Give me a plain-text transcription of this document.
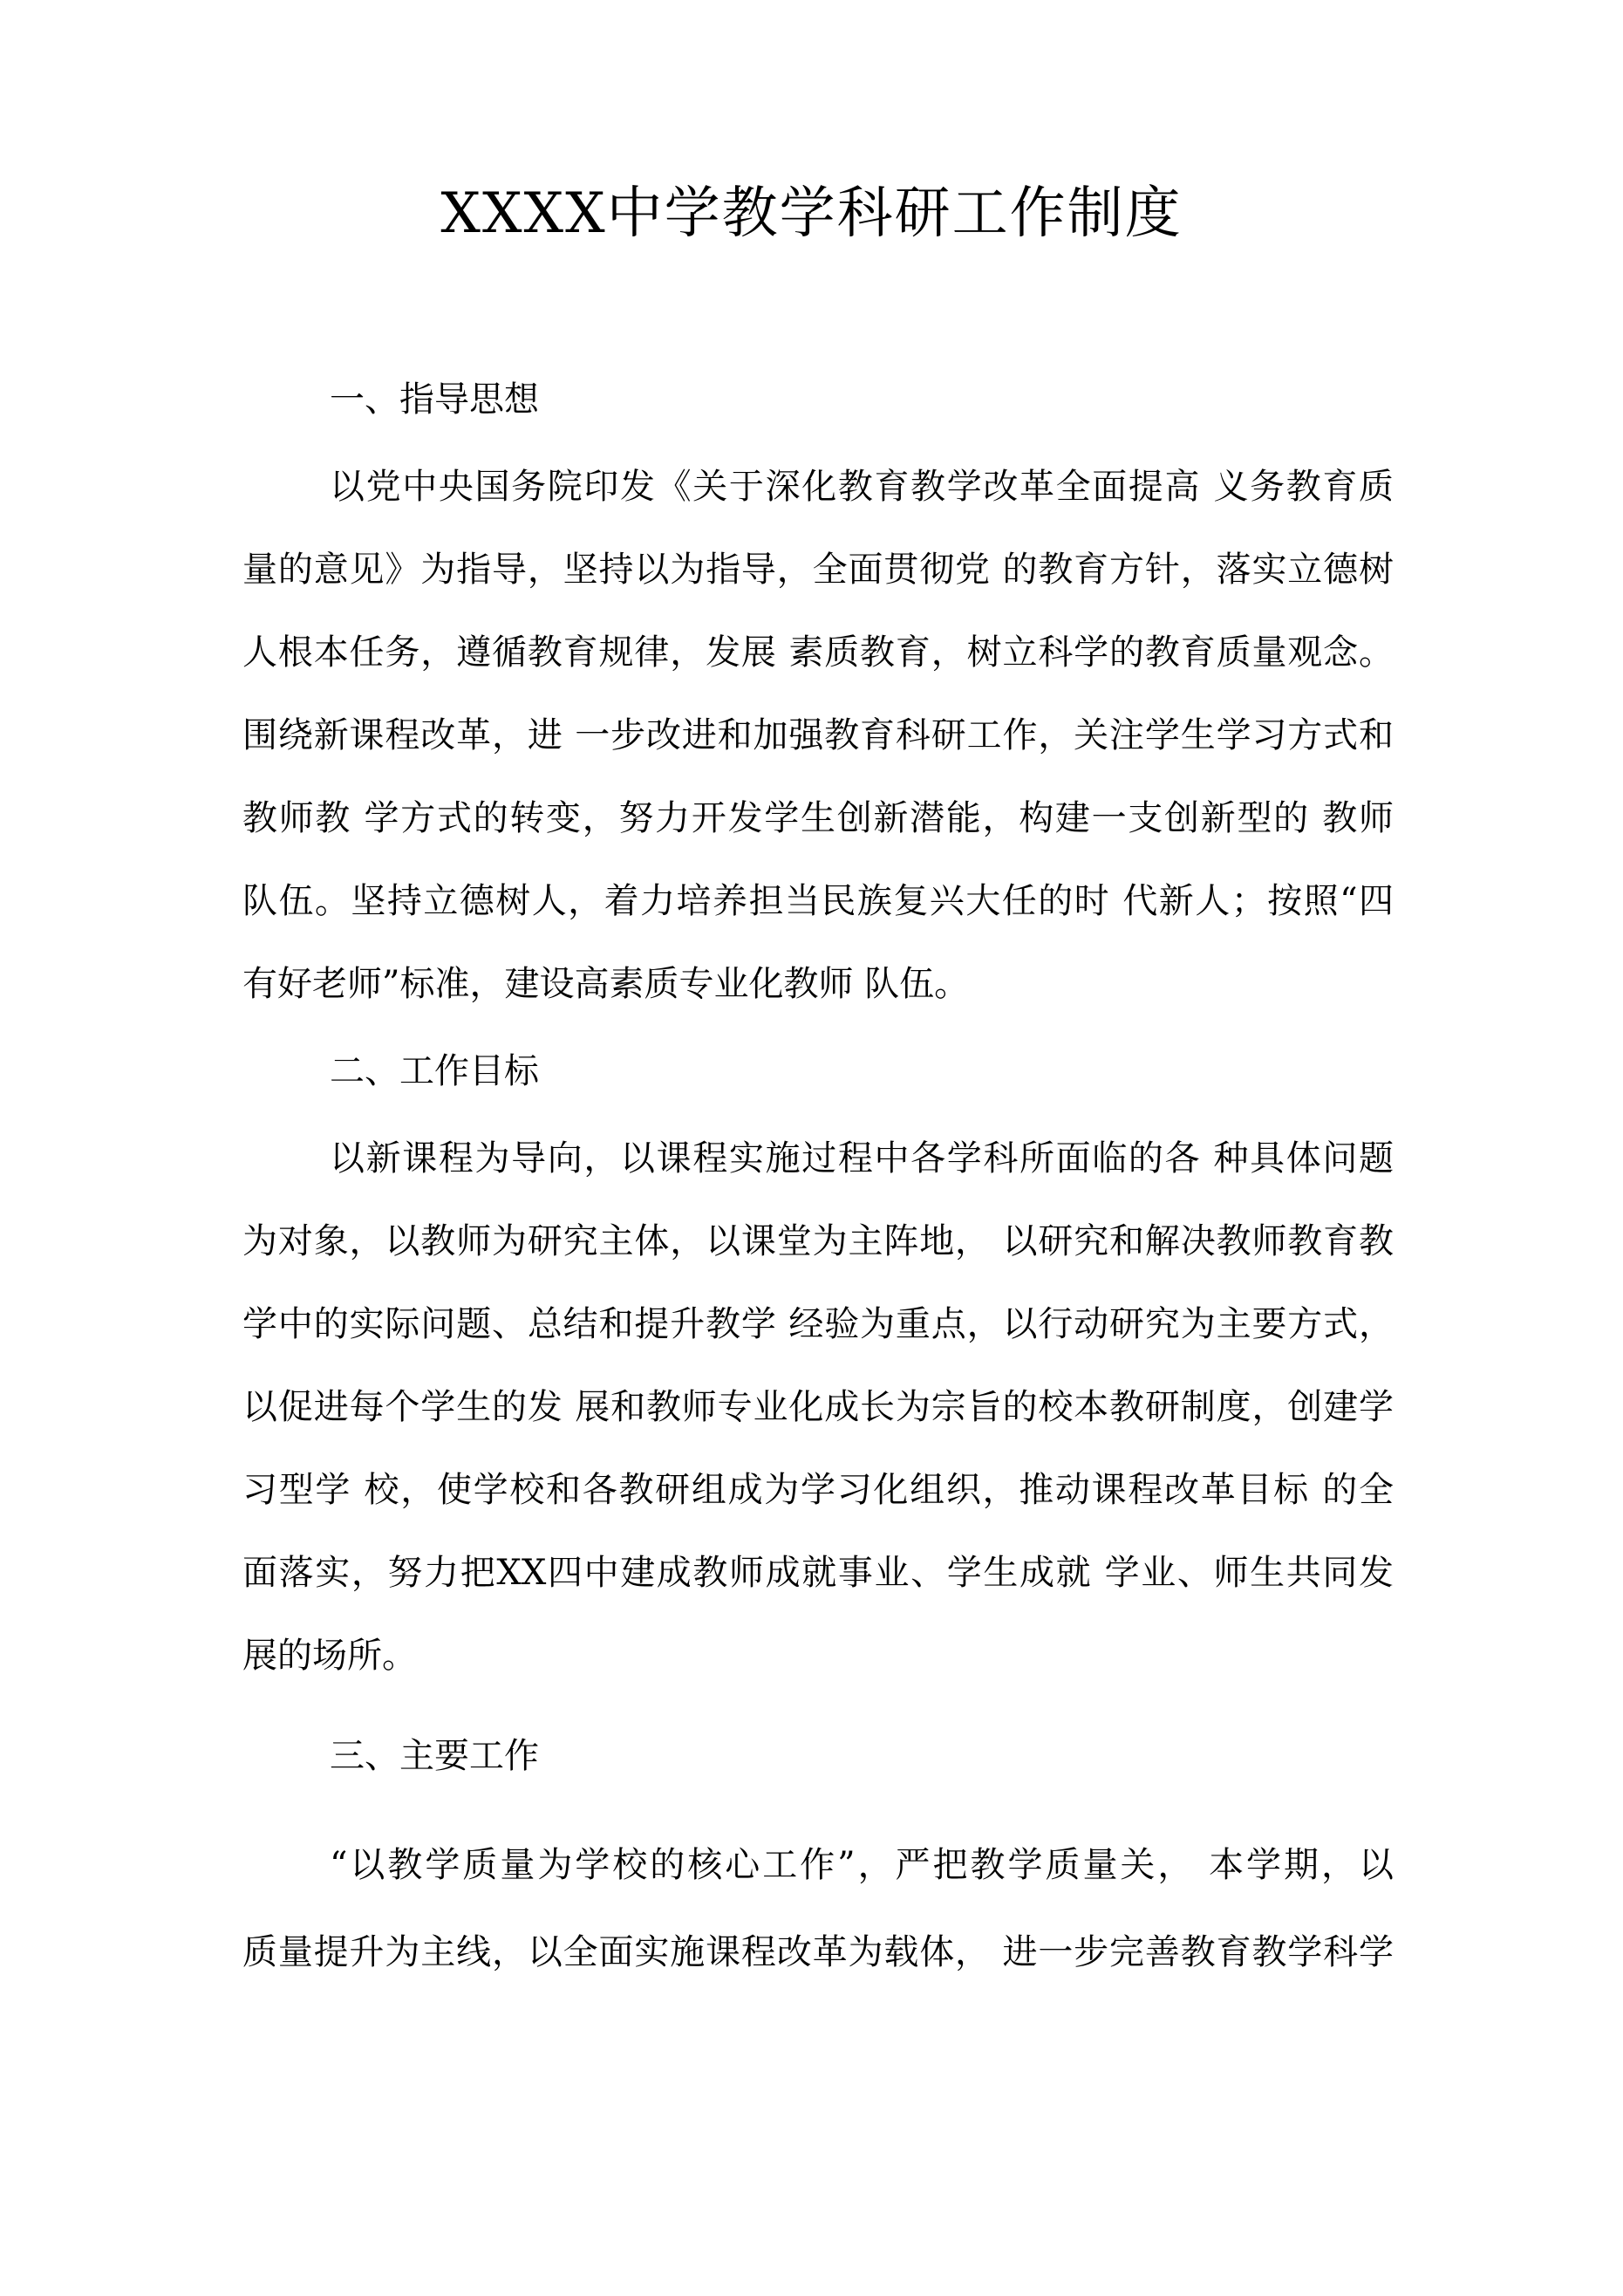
XXXX中学教学科研工作制度
一、指导思想
以党中央国务院印发《关于深化教育教学改革全面提高 义务教育质
量的意见》为指导，坚持以为指导，全面贯彻党 的教育方针，落实立德树
人根本任务，遵循教育规律，发展 素质教育，树立科学的教育质量观念。
围绕新课程改革，进 一步改进和加强教育科研工作，关注学生学习方式和
教师教 学方式的转变，努力开发学生创新潜能，构建一支创新型的 教师
队伍。坚持立德树人，着力培养担当民族复兴大任的时 代新人；按照“四
有好老师”标准，建设高素质专业化教师 队伍。
二、工作目标
以新课程为导向，以课程实施过程中各学科所面临的各 种具体问题
为对象，以教师为研究主体，以课堂为主阵地， 以研究和解决教师教育教
学中的实际问题、总结和提升教学 经验为重点，以行动研究为主要方式，
以促进每个学生的发 展和教师专业化成长为宗旨的校本教研制度，创建学
习型学 校，使学校和各教研组成为学习化组织，推动课程改革目标 的全
面落实，努力把XX四中建成教师成就事业、学生成就 学业、师生共同发
展的场所。
三、主要工作
“以教学质量为学校的核心工作”，严把教学质量关， 本学期，以
质量提升为主线，以全面实施课程改革为载体， 进一步完善教育教学科学
